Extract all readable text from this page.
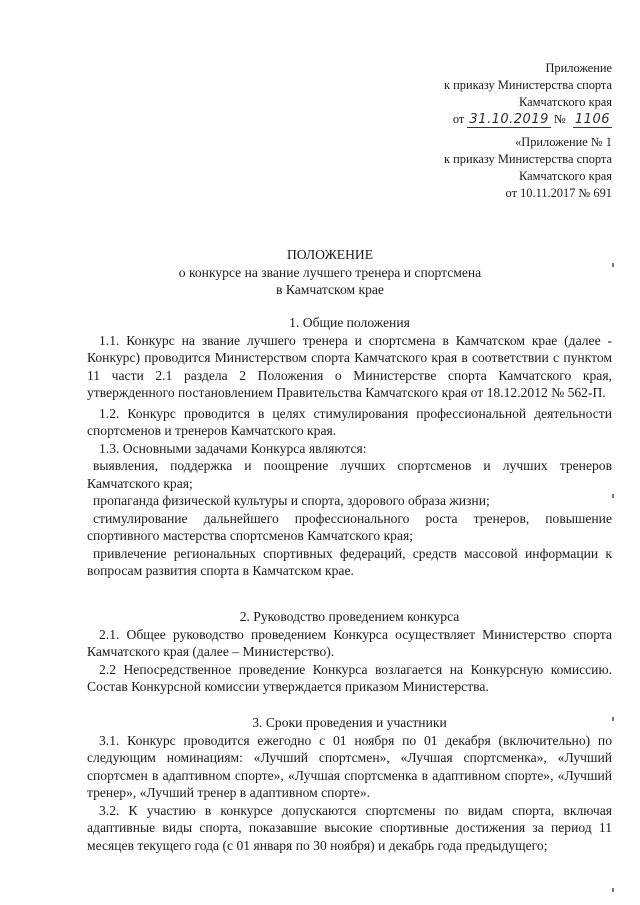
Приложение
к приказу Министерства спорта
Камчатского края
от 31.10.2019 № 1106
«Приложение № 1
к приказу Министерства спорта
Камчатского края
от 10.11.2017 № 691
ПОЛОЖЕНИЕ
о конкурсе на звание лучшего тренера и спортсмена
в Камчатском крае
1. Общие положения

1.1. Конкурс на звание лучшего тренера и спортсмена в Камчатском крае (далее - Конкурс) проводится Министерством спорта Камчатского края в соответствии с пунктом 11 части 2.1 раздела 2 Положения о Министерстве спорта Камчатского края, утвержденного постановлением Правительства Камчатского края от 18.12.2012 № 562-П.

1.2. Конкурс проводится в целях стимулирования профессиональной деятельности спортсменов и тренеров Камчатского края.

1.3. Основными задачами Конкурса являются:

выявления, поддержка и поощрение лучших спортсменов и лучших тренеров Камчатского края;

пропаганда физической культуры и спорта, здорового образа жизни;

стимулирование дальнейшего профессионального роста тренеров, повышение спортивного мастерства спортсменов Камчатского края;

привлечение региональных спортивных федераций, средств массовой информации к вопросам развития спорта в Камчатском крае.

2. Руководство проведением конкурса

2.1. Общее руководство проведением Конкурса осуществляет Министерство спорта Камчатского края (далее – Министерство).

2.2 Непосредственное проведение Конкурса возлагается на Конкурсную комиссию. Состав Конкурсной комиссии утверждается приказом Министерства.

3. Сроки проведения и участники

3.1. Конкурс проводится ежегодно с 01 ноября по 01 декабря (включительно) по следующим номинациям: «Лучший спортсмен», «Лучшая спортсменка», «Лучший спортсмен в адаптивном спорте», «Лучшая спортсменка в адаптивном спорте», «Лучший тренер», «Лучший тренер в адаптивном спорте».

3.2. К участию в конкурсе допускаются спортсмены по видам спорта, включая адаптивные виды спорта, показавшие высокие спортивные достижения за период 11 месяцев текущего года (с 01 января по 30 ноября) и декабрь года предыдущего;
